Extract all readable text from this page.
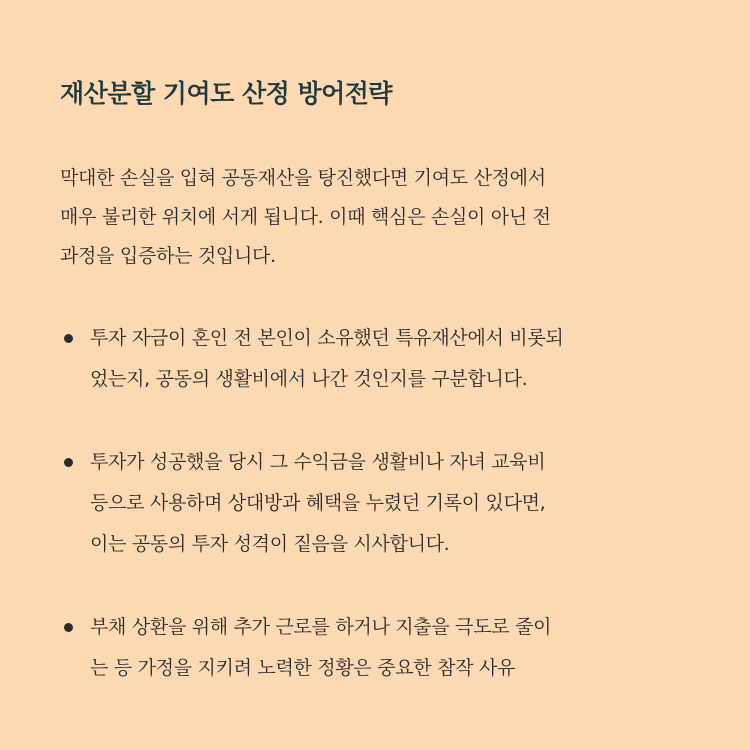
재산분할 기여도 산정 방어전략
막대한 손실을 입혀 공동재산을 탕진했다면 기여도 산정에서
매우 불리한 위치에 서게 됩니다. 이때 핵심은 손실이 아닌 전
과정을 입증하는 것입니다.
투자 자금이 혼인 전 본인이 소유했던 특유재산에서 비롯되
었는지, 공동의 생활비에서 나간 것인지를 구분합니다.
투자가 성공했을 당시 그 수익금을 생활비나 자녀 교육비
등으로 사용하며 상대방과 혜택을 누렸던 기록이 있다면,
이는 공동의 투자 성격이 짙음을 시사합니다.
부채 상환을 위해 추가 근로를 하거나 지출을 극도로 줄이
는 등 가정을 지키려 노력한 정황은 중요한 참작 사유
